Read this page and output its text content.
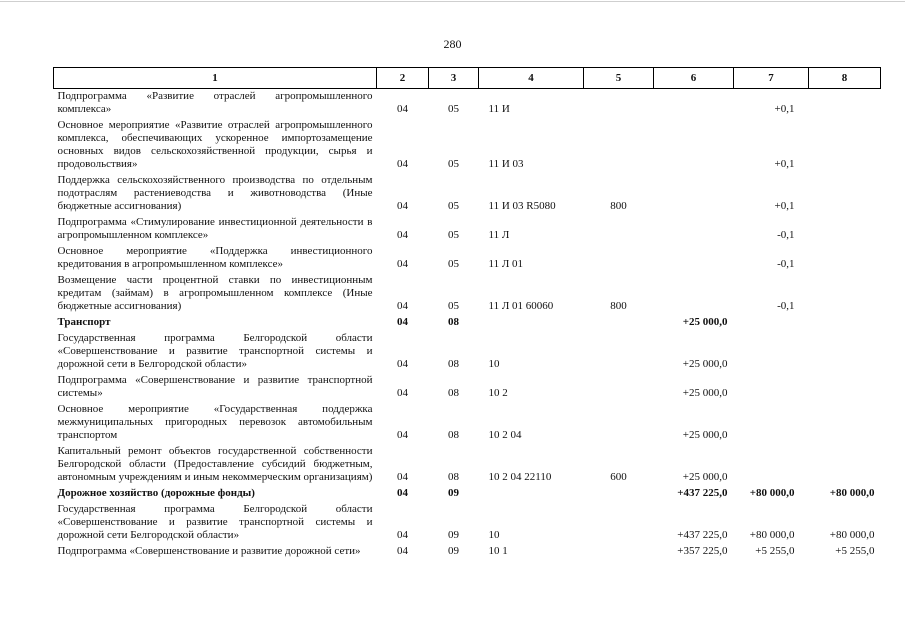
280
1	2	3	4	5	6	7	8
Подпрограмма «Развитие отраслей агропромышленного комплекса»	04	05	11 И			+0,1	
Основное мероприятие «Развитие отраслей агропромышленного комплекса, обеспечивающих ускоренное импортозамещение основных видов сельскохозяйственной продукции, сырья и продовольствия»	04	05	11 И 03			+0,1	
Поддержка сельскохозяйственного производства по отдельным подотраслям растениеводства и животноводства (Иные бюджетные ассигнования)	04	05	11 И 03 R5080	800		+0,1	
Подпрограмма «Стимулирование инвестиционной деятельности в агропромышленном комплексе»	04	05	11 Л			-0,1	
Основное мероприятие «Поддержка инвестиционного кредитования в агропромышленном комплексе»	04	05	11 Л 01			-0,1	
Возмещение части процентной ставки по инвестиционным кредитам (займам) в агропромышленном комплексе (Иные бюджетные ассигнования)	04	05	11 Л 01 60060	800		-0,1	
Транспорт	04	08			+25 000,0		
Государственная программа Белгородской области «Совершенствование и развитие транспортной системы и дорожной сети в Белгородской области»	04	08	10		+25 000,0		
Подпрограмма «Совершенствование и развитие транспортной системы»	04	08	10 2		+25 000,0		
Основное мероприятие «Государственная поддержка межмуниципальных пригородных перевозок автомобильным транспортом	04	08	10 2 04		+25 000,0		
Капитальный ремонт объектов государственной собственности Белгородской области (Предоставление субсидий бюджетным, автономным учреждениям и иным некоммерческим организациям)	04	08	10 2 04 22110	600	+25 000,0		
Дорожное хозяйство (дорожные фонды)	04	09			+437 225,0	+80 000,0	+80 000,0
Государственная программа Белгородской области «Совершенствование и развитие транспортной системы и дорожной сети Белгородской области»	04	09	10		+437 225,0	+80 000,0	+80 000,0
Подпрограмма «Совершенствование и развитие дорожной сети»	04	09	10 1		+357 225,0	+5 255,0	+5 255,0
